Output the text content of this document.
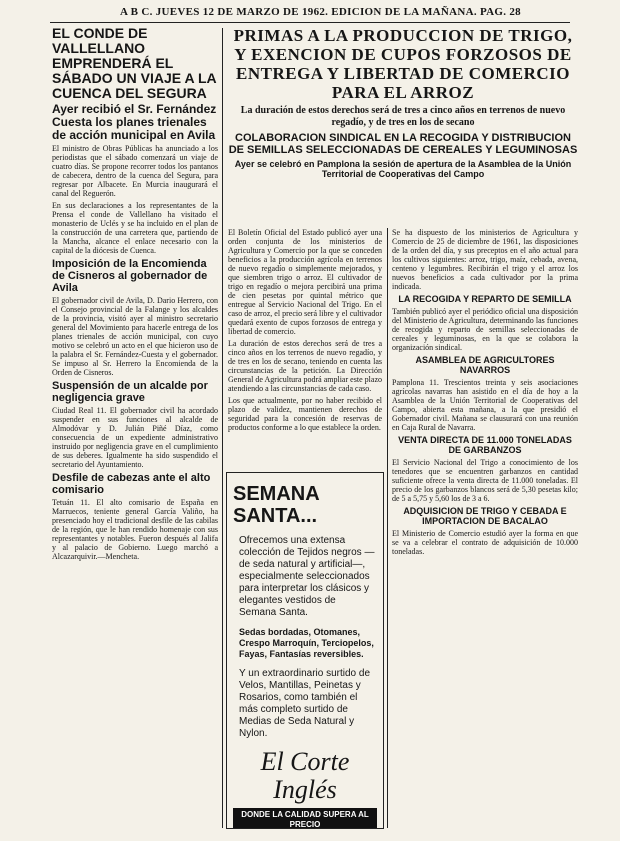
A B C. JUEVES 12 DE MARZO DE 1962. EDICION DE LA MAÑANA. PAG. 28
EL CONDE DE VALLELLANO EMPRENDERÁ EL SÁBADO UN VIAJE A LA CUENCA DEL SEGURA
Ayer recibió el Sr. Fernández Cuesta los planes trienales de acción municipal en Avila

El ministro de Obras Públicas ha anunciado a los periodistas que el sábado comenzará un viaje de cuatro días. Se propone recorrer todos los pantanos de cabecera, dentro de la cuenca del Segura, para regresar por Albacete. En Murcia inaugurará el canal del Reguerón.

En sus declaraciones a los representantes de la Prensa el conde de Vallellano ha visitado el monasterio de Uclés y se ha incluido en el plan de la construcción de una carretera que, partiendo de la Mancha, alcance el enlace necesario con la capital de la diócesis de Cuenca.

Imposición de la Encomienda de Cisneros al gobernador de Avila

El gobernador civil de Avila, D. Dario Herrero, con el Consejo provincial de la Falange y los alcaldes de la provincia, visitó ayer al ministro secretario general del Movimiento para hacerle entrega de los planes trienales de acción municipal, con cuyo motivo se celebró un acto en el que hicieron uso de la palabra el Sr. Fernández-Cuesta y el gobernador. Se impuso al Sr. Herrero la Encomienda de la Orden de Cisneros.

Suspensión de un alcalde por negligencia grave

Ciudad Real 11. El gobernador civil ha acordado suspender en sus funciones al alcalde de Almodóvar y D. Julián Piñé Díaz, como consecuencia de un expediente administrativo instruido por negligencia grave en el cumplimiento de sus deberes. Igualmente ha sido suspendido el secretario del Ayuntamiento.

Desfile de cabezas ante el alto comisario

Tetuán 11. El alto comisario de España en Marruecos, teniente general García Valiño, ha presenciado hoy el tradicional desfile de las cabilas de la región, que le han rendido homenaje con sus representantes y notables. Fueron después al Jalifa y al palacio de Gobierno. Luego marchó a Alcazarquivir.—Mencheta.

PRIMAS A LA PRODUCCION DE TRIGO, Y EXENCION DE CUPOS FORZOSOS DE ENTREGA Y LIBERTAD DE COMERCIO PARA EL ARROZ
La duración de estos derechos será de tres a cinco años en terrenos de nuevo regadío, y de tres en los de secano
COLABORACION SINDICAL EN LA RECOGIDA Y DISTRIBUCION DE SEMILLAS SELECCIONADAS DE CEREALES Y LEGUMINOSAS
Ayer se celebró en Pamplona la sesión de apertura de la Asamblea de la Unión Territorial de Cooperativas del Campo

El Boletín Oficial del Estado publicó ayer una orden conjunta de los ministerios de Agricultura y Comercio por la que se conceden beneficios a la producción agrícola en terrenos de nuevo regadío o simplemente mejorados, y que siembren trigo o arroz. El cultivador de trigo en regadío o mejora percibirá una prima de cien pesetas por quintal métrico que entregue al Servicio Nacional del Trigo. En el caso de arroz, el precio será libre y el cultivador quedará exento de cupos forzosos de entrega y libertad de comercio.

La duración de estos derechos será de tres a cinco años en los terrenos de nuevo regadío, y de tres en los de secano, teniendo en cuenta las circunstancias de la petición. La Dirección General de Agricultura podrá ampliar este plazo atendiendo a las circunstancias de cada caso.

Los que actualmente, por no haber recibido el plazo de validez, mantienen derechos de seguridad para la concesión de reservas de productos conforme a lo que establece la orden.

SEMANA SANTA...
Ofrecemos una extensa colección de Tejidos negros —de seda natural y artificial—, especialmente seleccionados para interpretar los clásicos y elegantes vestidos de Semana Santa.
Sedas bordadas, Otomanes, Crespo Marroquín, Terciopelos, Fayas, Fantasías reversibles.
Y un extraordinario surtido de Velos, Mantillas, Peinetas y Rosarios, como también el más completo surtido de Medias de Seda Natural y Nylon.
El Corte Inglés
DONDE LA CALIDAD SUPERA AL PRECIO

Se ha dispuesto de los ministerios de Agricultura y Comercio de 25 de diciembre de 1961, las disposiciones de la orden del día, y sus preceptos en el año actual para los cultivos siguientes: arroz, trigo, maíz, cebada, avena, centeno y legumbres. Recibirán el trigo y el arroz los nuevos beneficios a cada cultivador por la prima indicada.

LA RECOGIDA Y REPARTO DE SEMILLA

También publicó ayer el periódico oficial una disposición del Ministerio de Agricultura, determinando las funciones de recogida y reparto de semillas seleccionadas de cereales y leguminosas, en la que se colabora la organización sindical.

ASAMBLEA DE AGRICULTORES NAVARROS

Pamplona 11. Trescientos treinta y seis asociaciones agrícolas navarras han asistido en el día de hoy a la Asamblea de la Unión Territorial de Cooperativas del Campo, abierta esta mañana, a la que presidió el Gobernador civil. Mañana se clausurará con una reunión en Caja Rural de Navarra.

VENTA DIRECTA DE 11.000 TONELADAS DE GARBANZOS

El Servicio Nacional del Trigo a conocimiento de los tenedores que se encuentren garbanzos en cantidad suficiente ofrece la venta directa de 11.000 toneladas. El precio de los garbanzos blancos será de 5,30 pesetas kilo; de 5 a 5,75 y 5,60 los de 3 a 6.

ADQUISICION DE TRIGO Y CEBADA E IMPORTACION DE BACALAO

El Ministerio de Comercio estudió ayer la forma en que se va a celebrar el contrato de adquisición de 10.000 toneladas.
